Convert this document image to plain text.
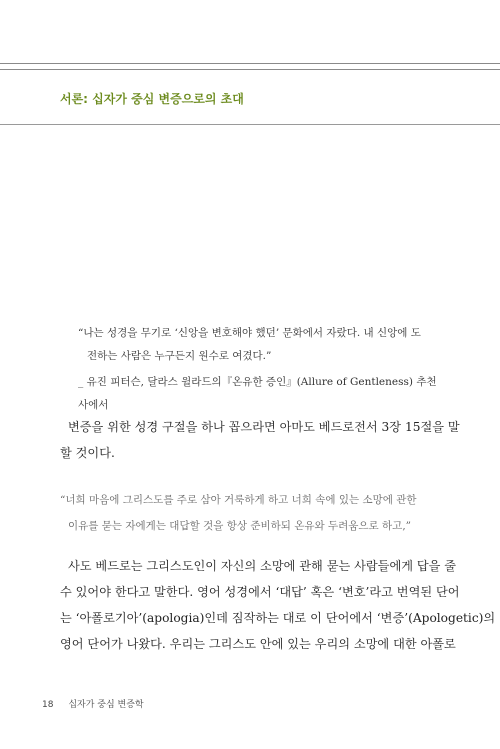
서론: 십자가 중심 변증으로의 초대
“나는 성경을 무기로 ‘신앙을 변호해야 했던’ 문화에서 자랐다. 내 신앙에 도
전하는 사람은 누구든지 원수로 여겼다.”
_ 유진 피터슨, 달라스 윌라드의『온유한 증인』(Allure of Gentleness) 추천사에서
변증을 위한 성경 구절을 하나 꼽으라면 아마도 베드로전서 3장 15절을 말
할 것이다.
“너희 마음에 그리스도를 주로 삼아 거룩하게 하고 너희 속에 있는 소망에 관한
이유를 묻는 자에게는 대답할 것을 항상 준비하되 온유와 두려움으로 하고,”
사도 베드로는 그리스도인이 자신의 소망에 관해 묻는 사람들에게 답을 줄
수 있어야 한다고 말한다. 영어 성경에서 ‘대답’ 혹은 ‘변호’라고 번역된 단어
는 ‘아폴로기아’(apologia)인데 짐작하는 대로 이 단어에서 ‘변증’(Apologetic)의
영어 단어가 나왔다. 우리는 그리스도 안에 있는 우리의 소망에 대한 아폴로
18 십자가 중심 변증학
